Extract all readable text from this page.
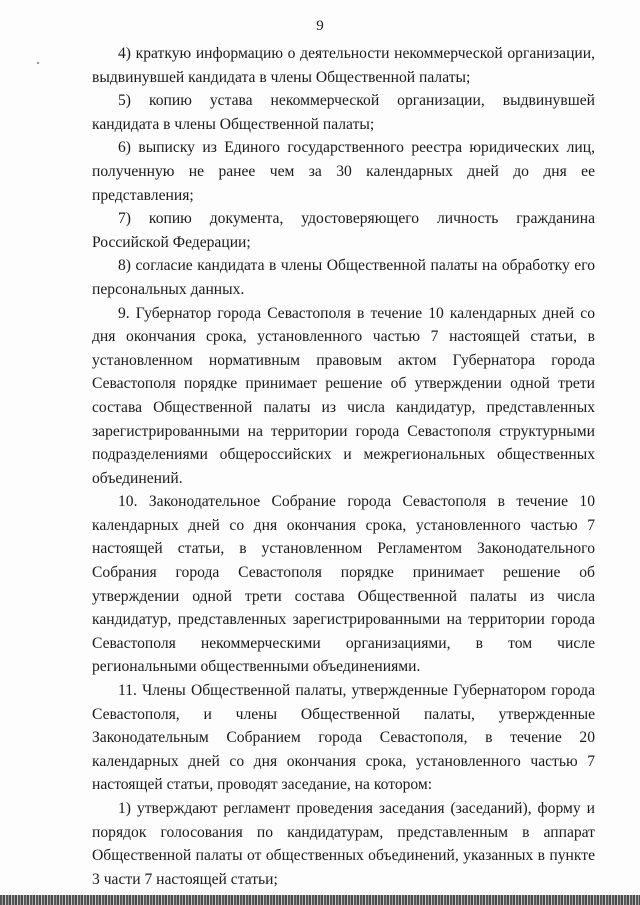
9

4) краткую информацию о деятельности некоммерческой организации, выдвинувшей кандидата в члены Общественной палаты;

5) копию устава некоммерческой организации, выдвинувшей кандидата в члены Общественной палаты;

6) выписку из Единого государственного реестра юридических лиц, полученную не ранее чем за 30 календарных дней до дня ее представления;

7) копию документа, удостоверяющего личность гражданина Российской Федерации;

8) согласие кандидата в члены Общественной палаты на обработку его персональных данных.

9. Губернатор города Севастополя в течение 10 календарных дней со дня окончания срока, установленного частью 7 настоящей статьи, в установленном нормативным правовым актом Губернатора города Севастополя порядке принимает решение об утверждении одной трети состава Общественной палаты из числа кандидатур, представленных зарегистрированными на территории города Севастополя структурными подразделениями общероссийских и межрегиональных общественных объединений.

10. Законодательное Собрание города Севастополя в течение 10 календарных дней со дня окончания срока, установленного частью 7 настоящей статьи, в установленном Регламентом Законодательного Собрания города Севастополя порядке принимает решение об утверждении одной трети состава Общественной палаты из числа кандидатур, представленных зарегистрированными на территории города Севастополя некоммерческими организациями, в том числе региональными общественными объединениями.

11. Члены Общественной палаты, утвержденные Губернатором города Севастополя, и члены Общественной палаты, утвержденные Законодательным Собранием города Севастополя, в течение 20 календарных дней со дня окончания срока, установленного частью 7 настоящей статьи, проводят заседание, на котором:

1) утверждают регламент проведения заседания (заседаний), форму и порядок голосования по кандидатурам, представленным в аппарат Общественной палаты от общественных объединений, указанных в пункте 3 части 7 настоящей статьи;
